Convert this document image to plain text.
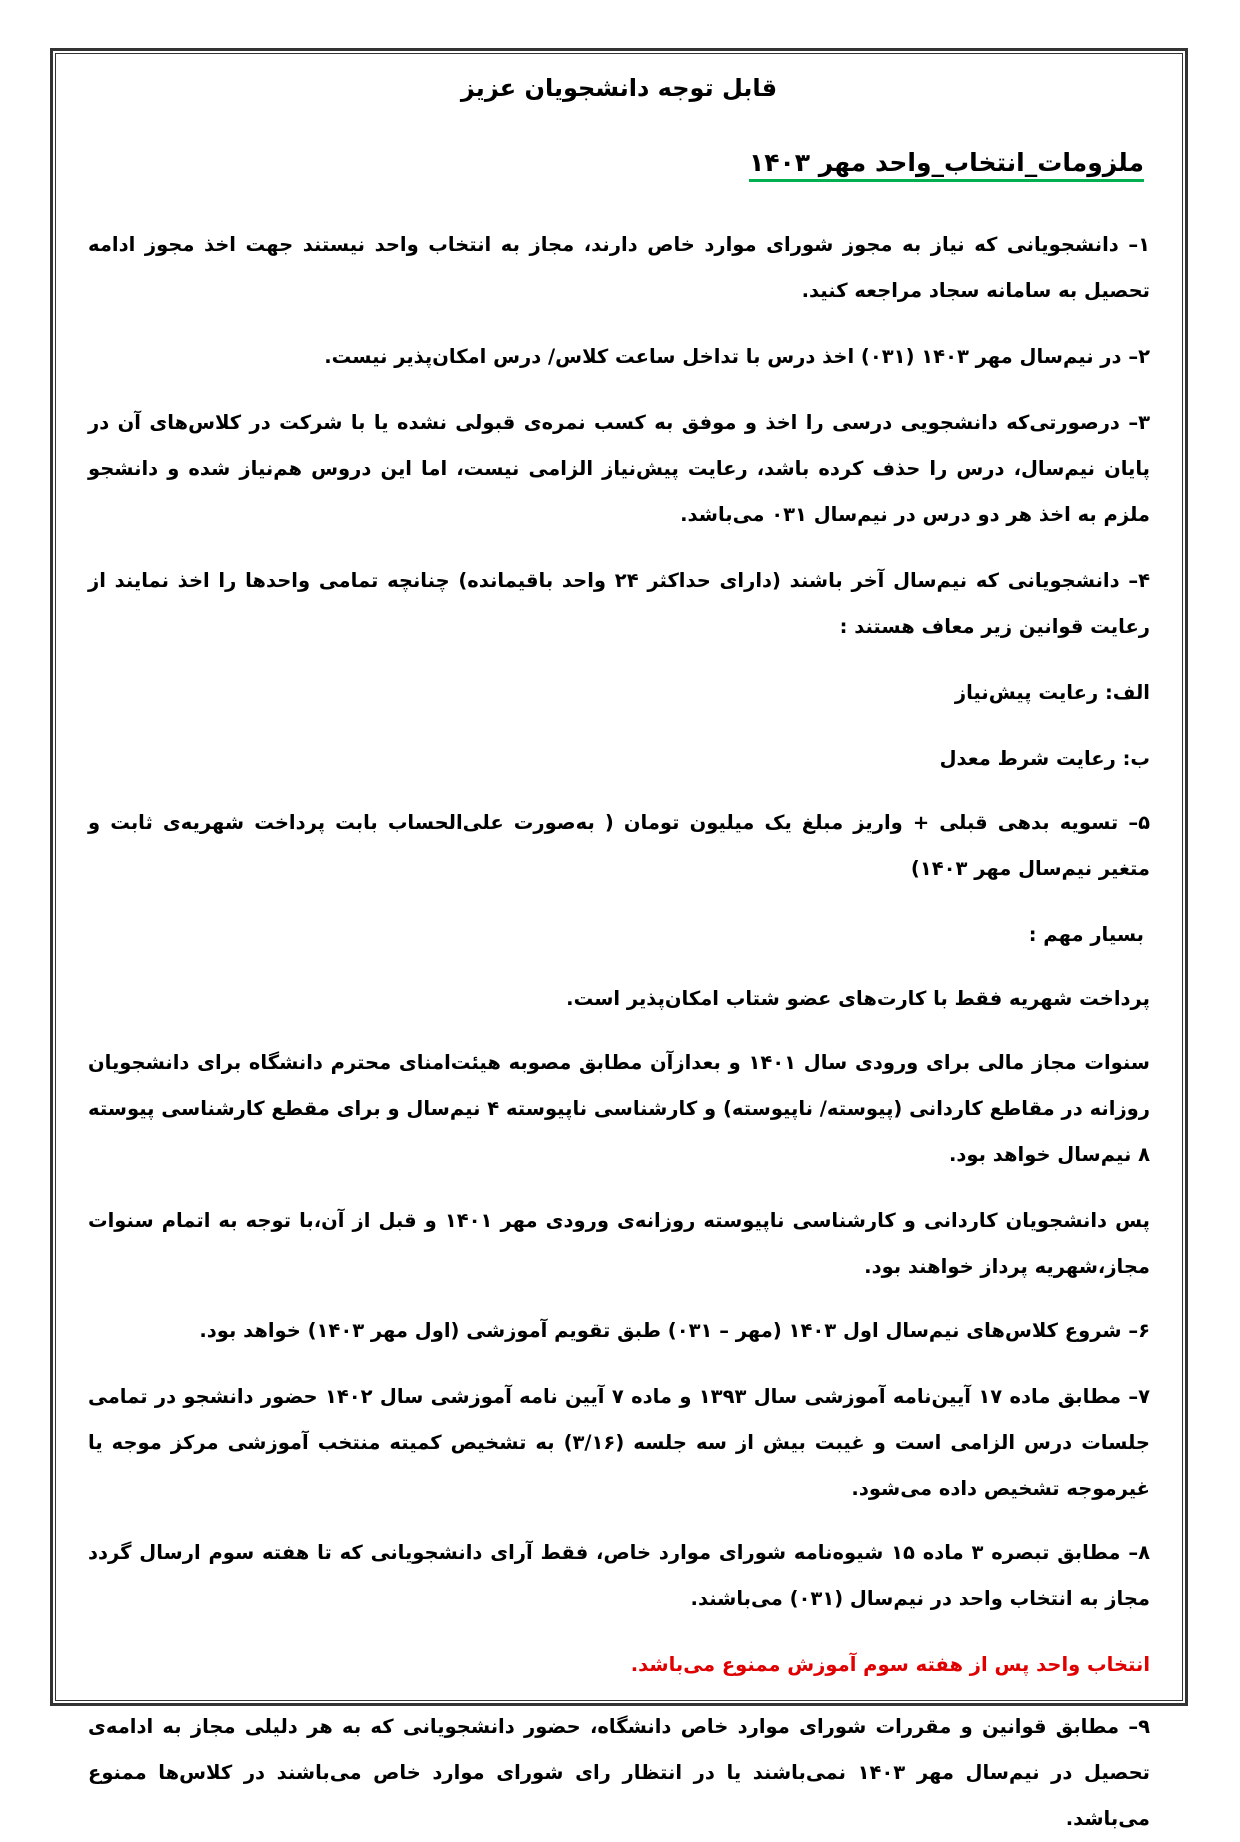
قابل توجه دانشجویان عزیز
ملزومات_انتخاب_واحد مهر ۱۴۰۳

۱– دانشجویانی که نیاز به مجوز شورای موارد خاص دارند، مجاز به انتخاب واحد نیستند جهت اخذ مجوز ادامه تحصیل به سامانه سجاد مراجعه کنید.

۲– در نیم‌سال مهر ۱۴۰۳ (۰۳۱) اخذ درس با تداخل ساعت کلاس/ درس امکان‌پذیر نیست.

۳– درصورتی‌که دانشجویی درسی را اخذ و موفق به کسب نمره‌ی قبولی نشده یا با شرکت در کلاس‌های آن در پایان نیم‌سال، درس را حذف کرده باشد، رعایت پیش‌نیاز الزامی نیست، اما این دروس هم‌نیاز شده و دانشجو ملزم به اخذ هر دو درس در نیم‌سال ۰۳۱ می‌باشد.

۴– دانشجویانی که نیم‌سال آخر باشند (دارای حداکثر ۲۴ واحد باقیمانده) چنانچه تمامی واحدها را اخذ نمایند از رعایت قوانین زیر معاف هستند :

الف: رعایت پیش‌نیاز

ب: رعایت شرط معدل

۵– تسویه بدهی قبلی + واریز مبلغ یک میلیون تومان ( به‌صورت علی‌الحساب بابت پرداخت شهریه‌ی ثابت و متغیر نیم‌سال مهر ۱۴۰۳)

بسیار مهم :

پرداخت شهریه فقط با کارت‌های عضو شتاب امکان‌پذیر است.

سنوات مجاز مالی برای ورودی سال ۱۴۰۱ و بعدازآن مطابق مصوبه هیئت‌امنای محترم دانشگاه برای دانشجویان روزانه در مقاطع کاردانی (پیوسته/ ناپیوسته) و کارشناسی ناپیوسته ۴ نیم‌سال و برای مقطع کارشناسی پیوسته ۸ نیم‌سال خواهد بود.

پس دانشجویان کاردانی و کارشناسی ناپیوسته روزانه‌ی ورودی مهر ۱۴۰۱ و قبل از آن،با توجه به اتمام سنوات مجاز،شهریه پرداز خواهند بود.

۶– شروع کلاس‌های نیم‌سال اول ۱۴۰۳ (مهر – ۰۳۱) طبق تقویم آموزشی (اول مهر ۱۴۰۳) خواهد بود.

۷– مطابق ماده ۱۷ آیین‌نامه آموزشی سال ۱۳۹۳ و ماده ۷ آیین نامه آموزشی سال ۱۴۰۲ حضور دانشجو در تمامی جلسات درس الزامی است و غیبت بیش از سه جلسه (۳/۱۶) به تشخیص کمیته منتخب آموزشی مرکز موجه یا غیرموجه تشخیص داده می‌شود.

۸– مطابق تبصره ۳ ماده ۱۵ شیوه‌نامه شورای موارد خاص، فقط آرای دانشجویانی که تا هفته سوم ارسال گردد مجاز به انتخاب واحد در نیم‌سال (۰۳۱) می‌باشند.

انتخاب واحد پس از هفته سوم آموزش ممنوع می‌باشد.

۹– مطابق قوانین و مقررات شورای موارد خاص دانشگاه، حضور دانشجویانی که به هر دلیلی مجاز به ادامه‌ی تحصیل در نیم‌سال مهر ۱۴۰۳ نمی‌باشند یا در انتظار رای شورای موارد خاص می‌باشند در کلاس‌ها ممنوع می‌باشد.
